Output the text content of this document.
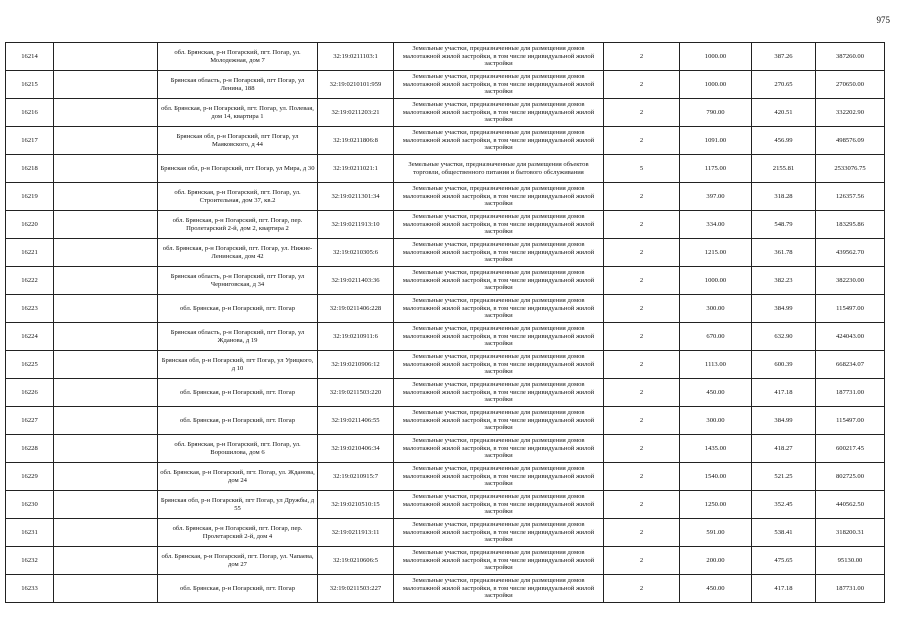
975
16214		обл. Брянская, р-н Погарский, пгт. Погар, ул. Молодежная, дом 7	32:19:0211103:1	Земельные участки, предназначенные для размещения домов малоэтажной жилой застройки, в том числе индивидуальной жилой застройки	2	1000.00	387.26	387260.00
16215		Брянская область, р-н Погарский, пгт Погар, ул Ленина, 188	32:19:0210101:959	Земельные участки, предназначенные для размещения домов малоэтажной жилой застройки, в том числе индивидуальной жилой застройки	2	1000.00	270.65	270650.00
16216		обл. Брянская, р-н Погарский, пгт. Погар, ул. Полевая, дом 14, квартира 1	32:19:0211203:21	Земельные участки, предназначенные для размещения домов малоэтажной жилой застройки, в том числе индивидуальной жилой застройки	2	790.00	420.51	332202.90
16217		Брянская обл, р-н Погарский, пгт Погар, ул Маяковского, д 44	32:19:0211806:8	Земельные участки, предназначенные для размещения домов малоэтажной жилой застройки, в том числе индивидуальной жилой застройки	2	1091.00	456.99	498576.09
16218		Брянская обл, р-н Погарский, пгт Погар, ул Мира, д 30	32:19:0211021:1	Земельные участки, предназначенные для размещения объектов торговли, общественного питания и бытового обслуживания	5	1175.00	2155.81	2533076.75
16219		обл. Брянская, р-н Погарский, пгт. Погар, ул. Строительная, дом 37, кв.2	32:19:0211301:34	Земельные участки, предназначенные для размещения домов малоэтажной жилой застройки, в том числе индивидуальной жилой застройки	2	397.00	318.28	126357.56
16220		обл. Брянская, р-н Погарский, пгт. Погар, пер. Пролетарский 2-й, дом 2, квартира 2	32:19:0211913:10	Земельные участки, предназначенные для размещения домов малоэтажной жилой застройки, в том числе индивидуальной жилой застройки	2	334.00	548.79	183295.86
16221		обл. Брянская, р-н Погарский, пгт. Погар, ул. Нижне-Ленинская, дом 42	32:19:0210305:6	Земельные участки, предназначенные для размещения домов малоэтажной жилой застройки, в том числе индивидуальной жилой застройки	2	1215.00	361.78	439562.70
16222		Брянская область, р-н Погарский, пгт Погар, ул Черниговская, д 34	32:19:0211403:36	Земельные участки, предназначенные для размещения домов малоэтажной жилой застройки, в том числе индивидуальной жилой застройки	2	1000.00	382.23	382230.00
16223		обл. Брянская, р-н Погарский, пгт. Погар	32:19:0211406:228	Земельные участки, предназначенные для размещения домов малоэтажной жилой застройки, в том числе индивидуальной жилой застройки	2	300.00	384.99	115497.00
16224		Брянская область, р-н Погарский, пгт Погар, ул Жданова, д 19	32:19:0210911:6	Земельные участки, предназначенные для размещения домов малоэтажной жилой застройки, в том числе индивидуальной жилой застройки	2	670.00	632.90	424043.00
16225		Брянская обл, р-н Погарский, пгт Погар, ул Урицкого, д 10	32:19:0210906:12	Земельные участки, предназначенные для размещения домов малоэтажной жилой застройки, в том числе индивидуальной жилой застройки	2	1113.00	600.39	668234.07
16226		обл. Брянская, р-н Погарский, пгт. Погар	32:19:0211503:220	Земельные участки, предназначенные для размещения домов малоэтажной жилой застройки, в том числе индивидуальной жилой застройки	2	450.00	417.18	187731.00
16227		обл. Брянская, р-н Погарский, пгт. Погар	32:19:0211406:55	Земельные участки, предназначенные для размещения домов малоэтажной жилой застройки, в том числе индивидуальной жилой застройки	2	300.00	384.99	115497.00
16228		обл. Брянская, р-н Погарский, пгт. Погар, ул. Ворошилова, дом 6	32:19:0210406:34	Земельные участки, предназначенные для размещения домов малоэтажной жилой застройки, в том числе индивидуальной жилой застройки	2	1435.00	418.27	600217.45
16229		обл. Брянская, р-н Погарский, пгт. Погар, ул. Жданова, дом 24	32:19:0210915:7	Земельные участки, предназначенные для размещения домов малоэтажной жилой застройки, в том числе индивидуальной жилой застройки	2	1540.00	521.25	802725.00
16230		Брянская обл, р-н Погарский, пгт Погар, ул Дружбы, д 55	32:19:0210510:15	Земельные участки, предназначенные для размещения домов малоэтажной жилой застройки, в том числе индивидуальной жилой застройки	2	1250.00	352.45	440562.50
16231		обл. Брянская, р-н Погарский, пгт. Погар, пер. Пролетарский 2-й, дом 4	32:19:0211913:11	Земельные участки, предназначенные для размещения домов малоэтажной жилой застройки, в том числе индивидуальной жилой застройки	2	591.00	538.41	318200.31
16232		обл. Брянская, р-н Погарский, пгт. Погар, ул. Чапаева, дом 27	32:19:0210606:5	Земельные участки, предназначенные для размещения домов малоэтажной жилой застройки, в том числе индивидуальной жилой застройки	2	200.00	475.65	95130.00
16233		обл. Брянская, р-н Погарский, пгт. Погар	32:19:0211503:227	Земельные участки, предназначенные для размещения домов малоэтажной жилой застройки, в том числе индивидуальной жилой застройки	2	450.00	417.18	187731.00
